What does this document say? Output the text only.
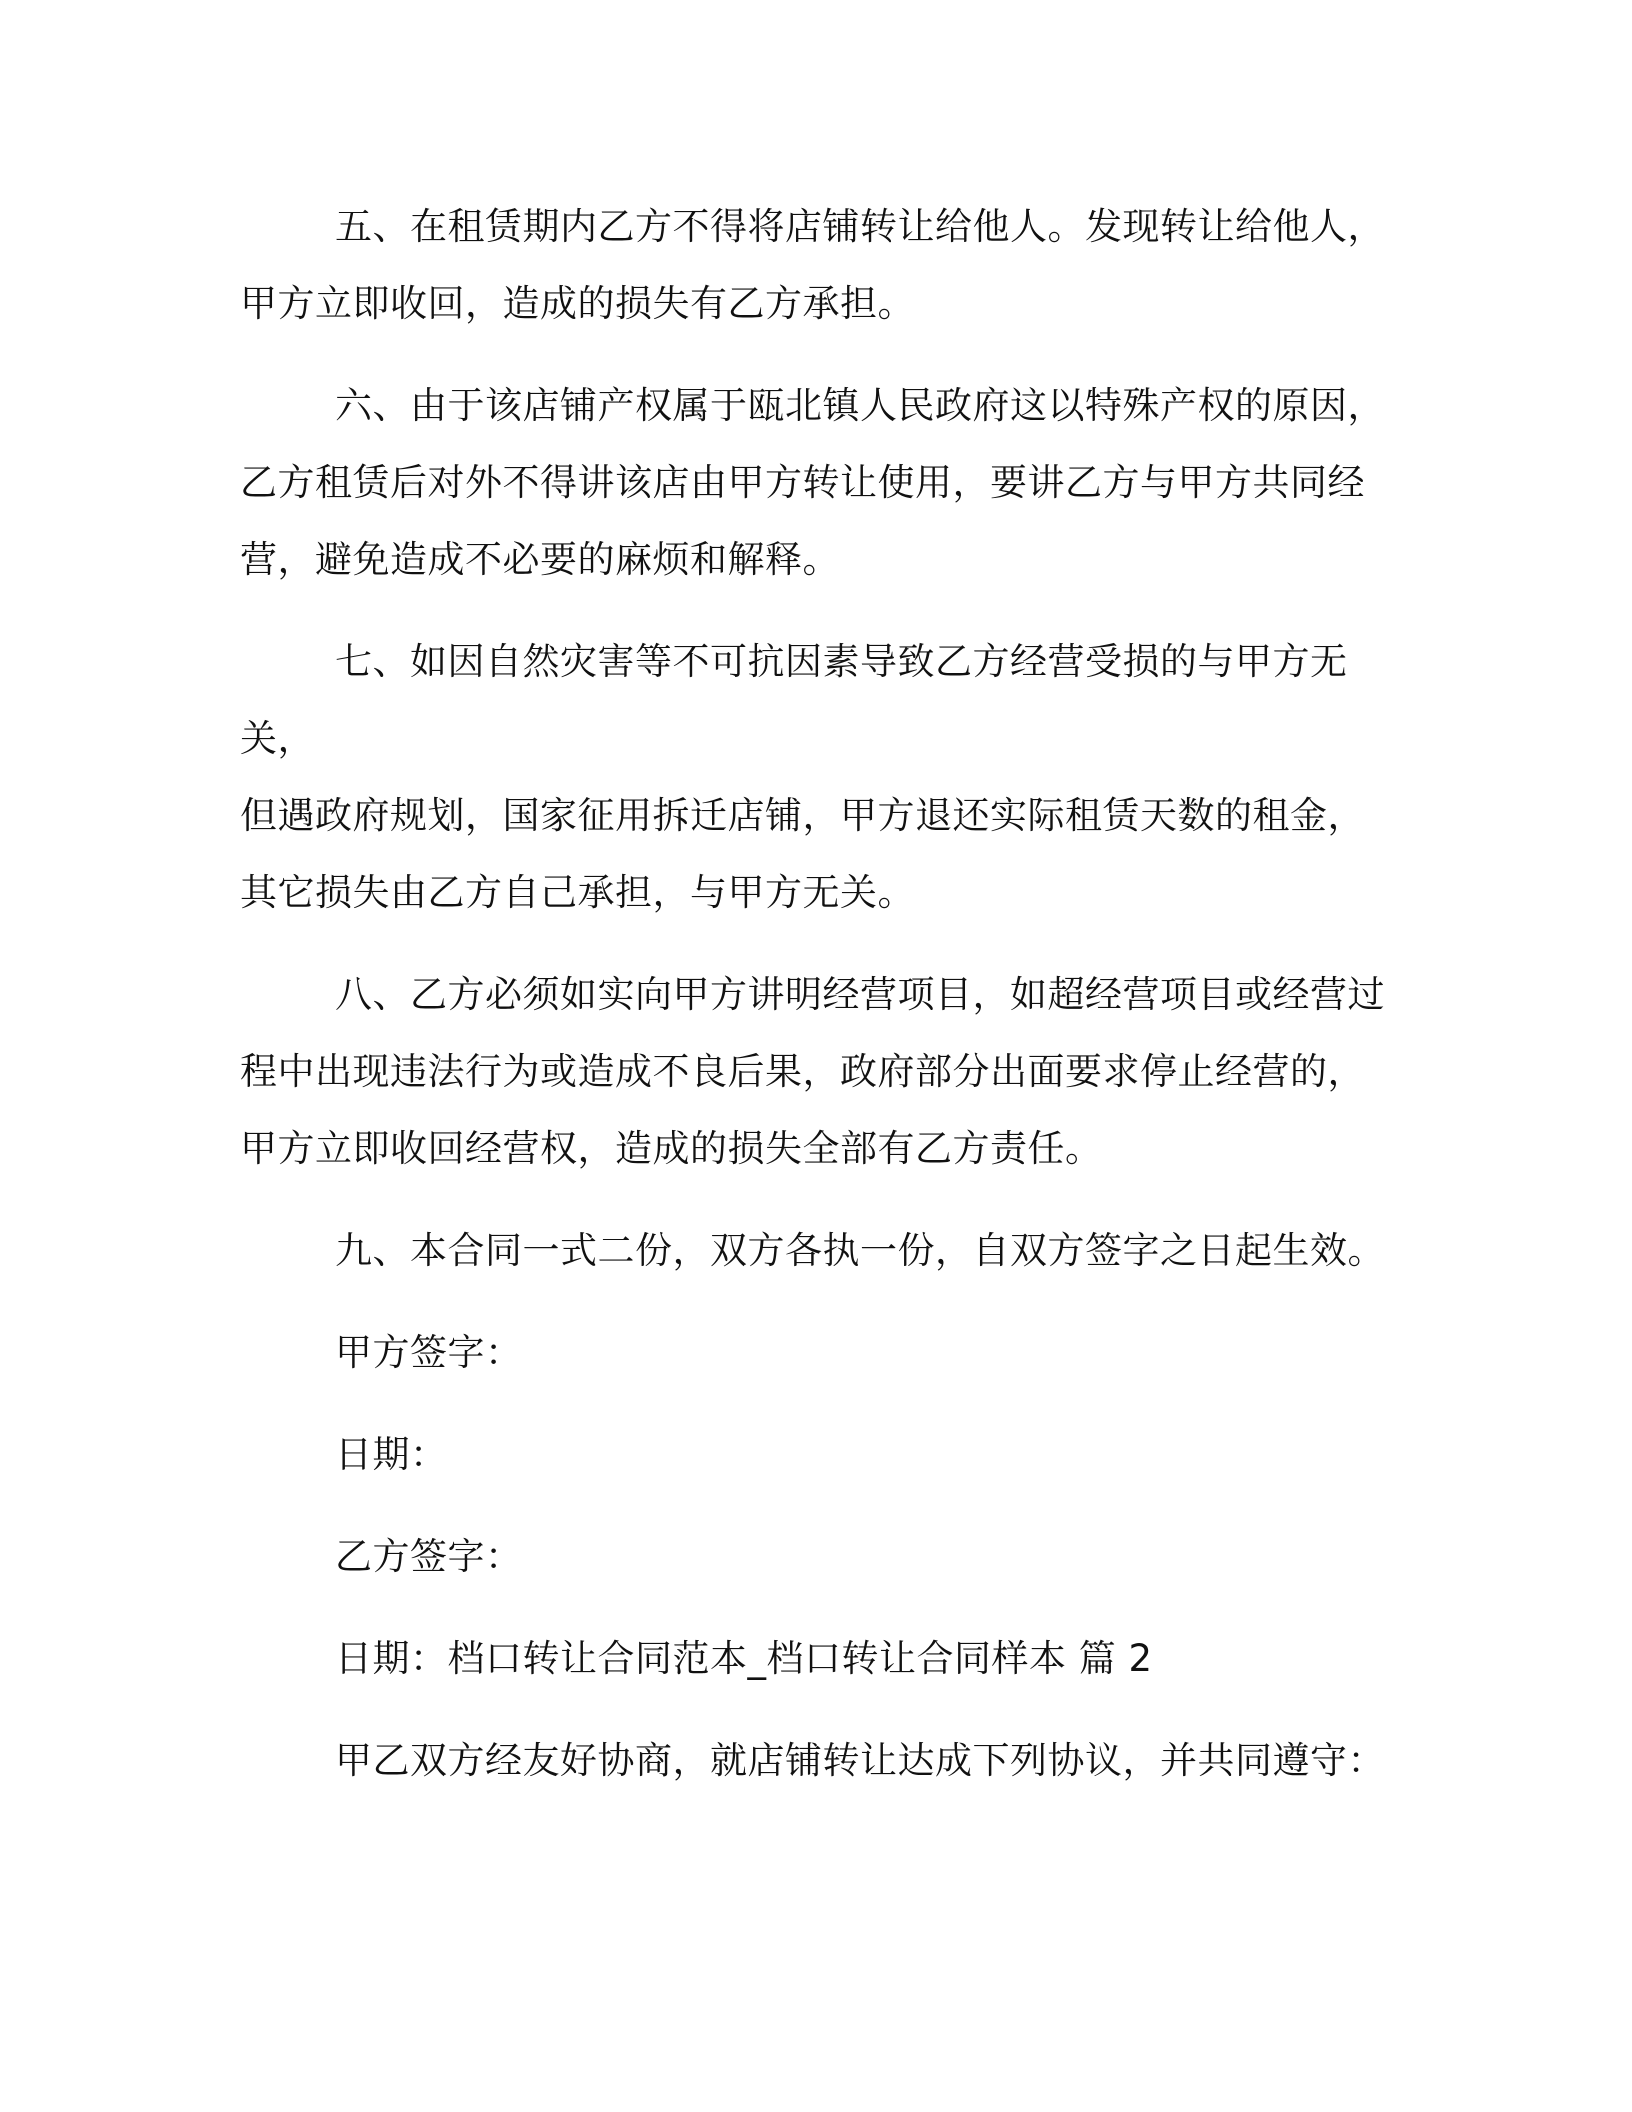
五、在租赁期内乙方不得将店铺转让给他人。发现转让给他人，
甲方立即收回，造成的损失有乙方承担。

六、由于该店铺产权属于瓯北镇人民政府这以特殊产权的原因，
乙方租赁后对外不得讲该店由甲方转让使用，要讲乙方与甲方共同经
营，避免造成不必要的麻烦和解释。

七、如因自然灾害等不可抗因素导致乙方经营受损的与甲方无关，
但遇政府规划，国家征用拆迁店铺，甲方退还实际租赁天数的租金，
其它损失由乙方自己承担，与甲方无关。

八、乙方必须如实向甲方讲明经营项目，如超经营项目或经营过
程中出现违法行为或造成不良后果，政府部分出面要求停止经营的，
甲方立即收回经营权，造成的损失全部有乙方责任。

九、本合同一式二份，双方各执一份，自双方签字之日起生效。

甲方签字：

日期：

乙方签字：

日期：档口转让合同范本_档口转让合同样本 篇 2

甲乙双方经友好协商，就店铺转让达成下列协议，并共同遵守：
